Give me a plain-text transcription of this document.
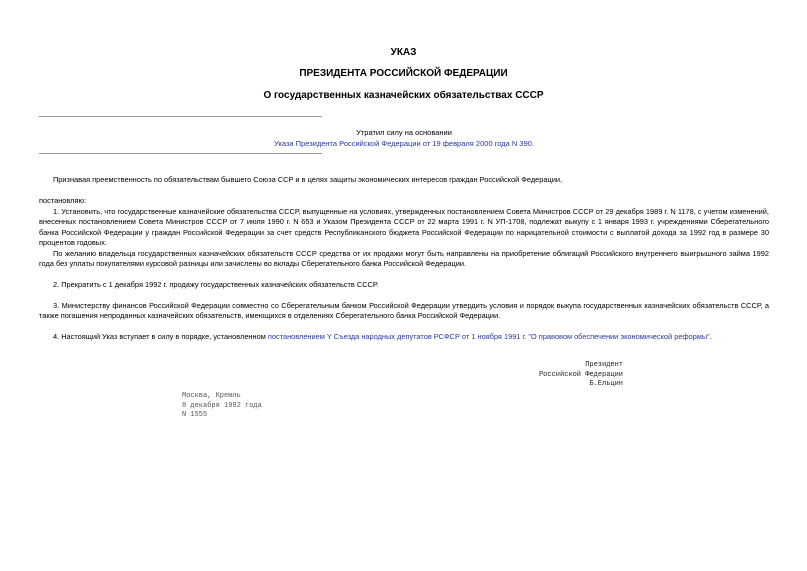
УКАЗ
ПРЕЗИДЕНТА РОССИЙСКОЙ ФЕДЕРАЦИИ
О государственных казначейских обязательствах СССР
Утратил силу на основании
Указа Президента Российской Федерации от 19 февраля 2000 года N 390.
Признавая преемственность по обязательствам бывшего Союза ССР и в целях защиты экономических интересов граждан Российской Федерации,
постановляю:
1. Установить, что государственные казначейские обязательства СССР, выпущенные на условиях, утвержденных постановлением Совета Министров СССР от 29 декабря 1989 г. N 1178, с учетом изменений, внесенных постановлением Совета Министров СССР от 7 июля 1990 г. N 653 и Указом Президента СССР от 22 марта 1991 г. N УП-1708, подлежат выкупу с 1 января 1993 г. учреждениями Сберегательного банка Российской Федерации у граждан Российской Федерации за счет средств Республиканского бюджета Российской Федерации по нарицательной стоимости с выплатой дохода за 1992 год в размере 30 процентов годовых.
По желанию владельца государственных казначейских обязательств СССР средства от их продажи могут быть направлены на приобретение облигаций Российского внутреннего выигрышного займа 1992 года без уплаты покупателями курсовой разницы или зачислены во вклады Сберегательного банка Российской Федерации.
2. Прекратить с 1 декабря 1992 г. продажу государственных казначейских обязательств СССР.
3. Министерству финансов Российской Федерации совместно со Сберегательным банком Российской Федерации утвердить условия и порядок выкупа государственных казначейских обязательств СССР, а также погашения непроданных казначейских обязательств, имеющихся в отделениях Сберегательного банка Российской Федерации.
4. Настоящий Указ вступает в силу в порядке, установленном постановлением Y Съезда народных депутатов РСФСР от 1 ноября 1991 г. "О правовом обеспечении экономической реформы".
Президент
Российской Федерации
Б.Ельцин
Москва, Кремль
8 декабря 1992 года
N 1555
